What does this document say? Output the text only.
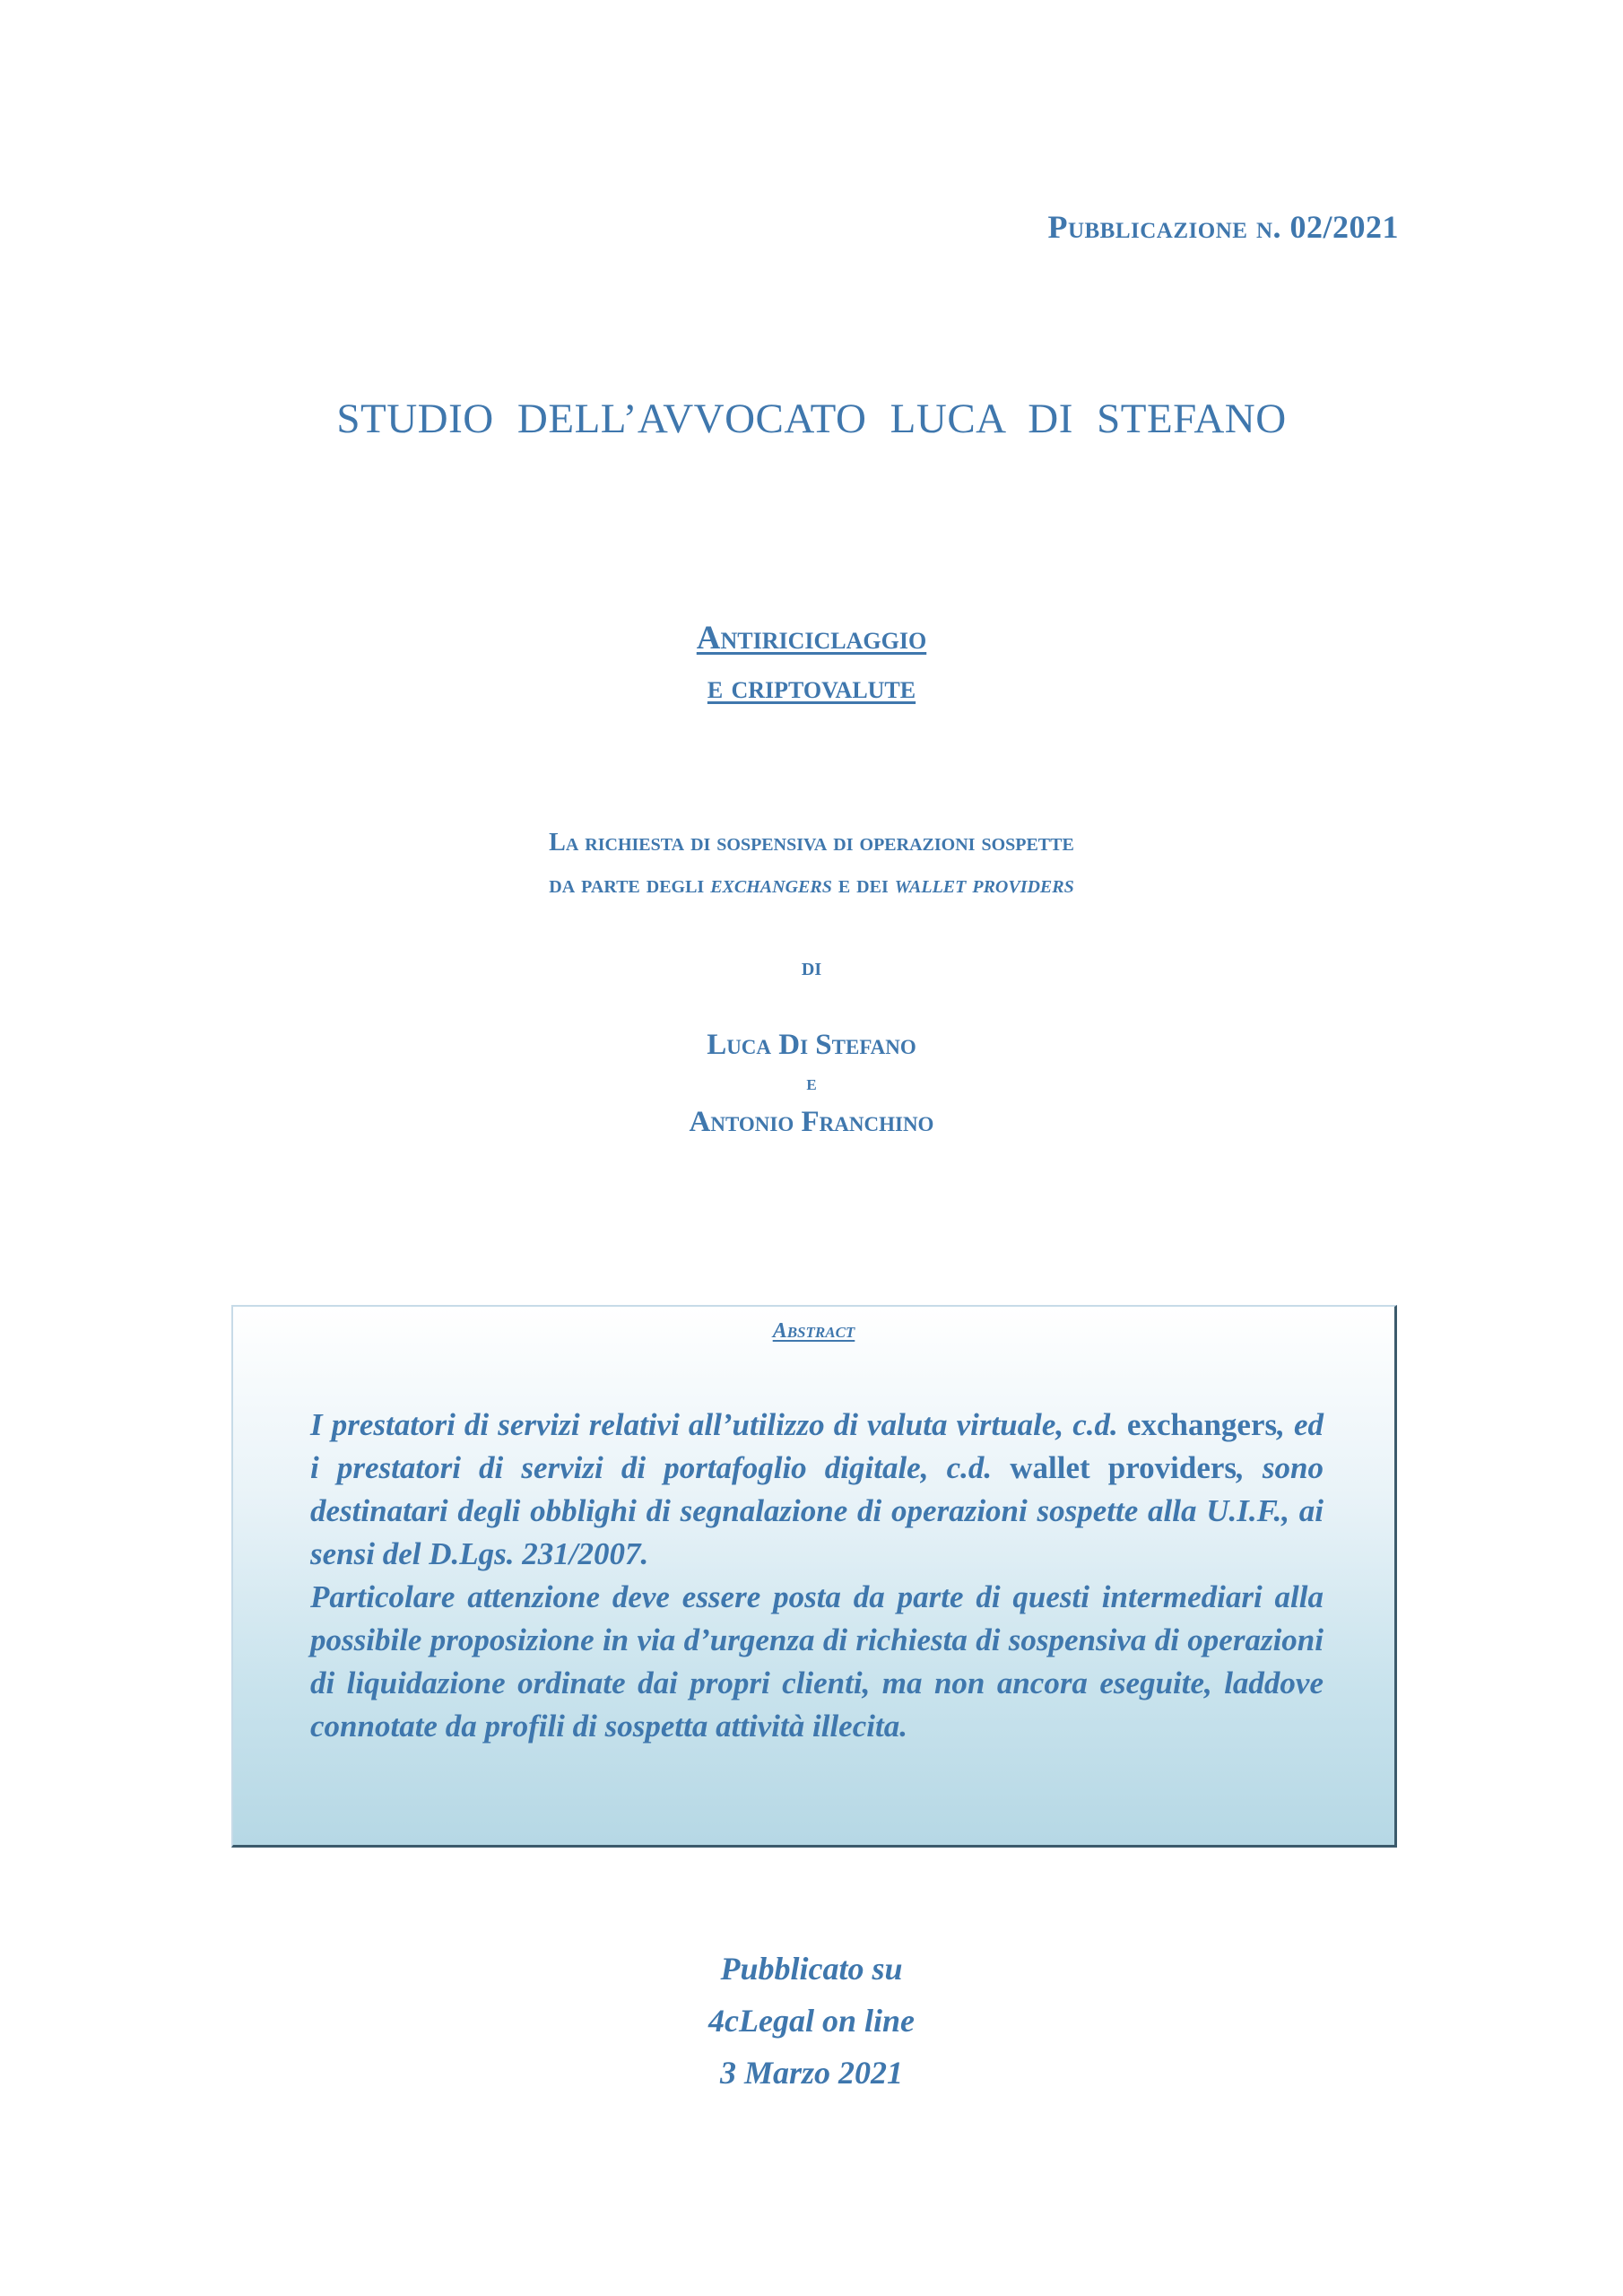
Pubblicazione n. 02/2021
STUDIO DELL’AVVOCATO LUCA DI STEFANO
Antiriciclaggio
e criptovalute
La richiesta di sospensiva di operazioni sospette
da parte degli exchangers e dei wallet providers
di
Luca Di Stefano
e
Antonio Franchino
Abstract
I prestatori di servizi relativi all’utilizzo di valuta virtuale, c.d. exchangers, ed i prestatori di servizi di portafoglio digitale, c.d. wallet providers, sono destinatari degli obblighi di segnalazione di operazioni sospette alla U.I.F., ai sensi del D.Lgs. 231/2007.
Particolare attenzione deve essere posta da parte di questi intermediari alla possibile proposizione in via d’urgenza di richiesta di sospensiva di operazioni di liquidazione ordinate dai propri clienti, ma non ancora eseguite, laddove connotate da profili di sospetta attività illecita.
Pubblicato su
4cLegal on line
3 Marzo 2021
